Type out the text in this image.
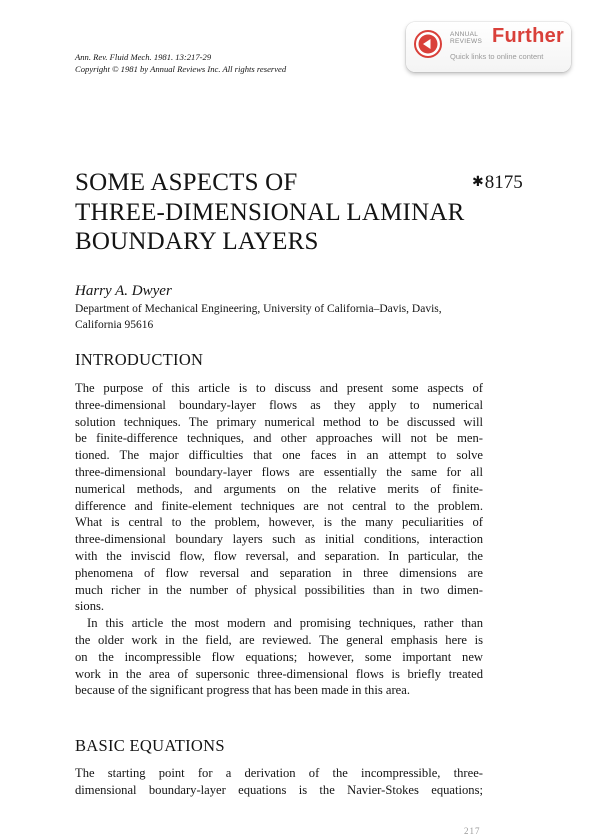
Ann. Rev. Fluid Mech. 1981. 13:217-29
Copyright © 1981 by Annual Reviews Inc. All rights reserved
ANNUAL
REVIEWS Further
Quick links to online content
SOME ASPECTS OF
THREE-DIMENSIONAL LAMINAR
BOUNDARY LAYERS
✱8175
Harry A. Dwyer
Department of Mechanical Engineering, University of California–Davis, Davis,
California 95616
INTRODUCTION

The purpose of this article is to discuss and present some aspects of
three-dimensional boundary-layer flows as they apply to numerical
solution techniques. The primary numerical method to be discussed will
be finite-difference techniques, and other approaches will not be men-
tioned. The major difficulties that one faces in an attempt to solve
three-dimensional boundary-layer flows are essentially the same for all
numerical methods, and arguments on the relative merits of finite-
difference and finite-element techniques are not central to the problem.
What is central to the problem, however, is the many peculiarities of
three-dimensional boundary layers such as initial conditions, interaction
with the inviscid flow, flow reversal, and separation. In particular, the
phenomena of flow reversal and separation in three dimensions are
much richer in the number of physical possibilities than in two dimen-
sions.

In this article the most modern and promising techniques, rather than
the older work in the field, are reviewed. The general emphasis here is
on the incompressible flow equations; however, some important new
work in the area of supersonic three-dimensional flows is briefly treated
because of the significant progress that has been made in this area.

BASIC EQUATIONS

The starting point for a derivation of the incompressible, three-
dimensional boundary-layer equations is the Navier-Stokes equations;

217
